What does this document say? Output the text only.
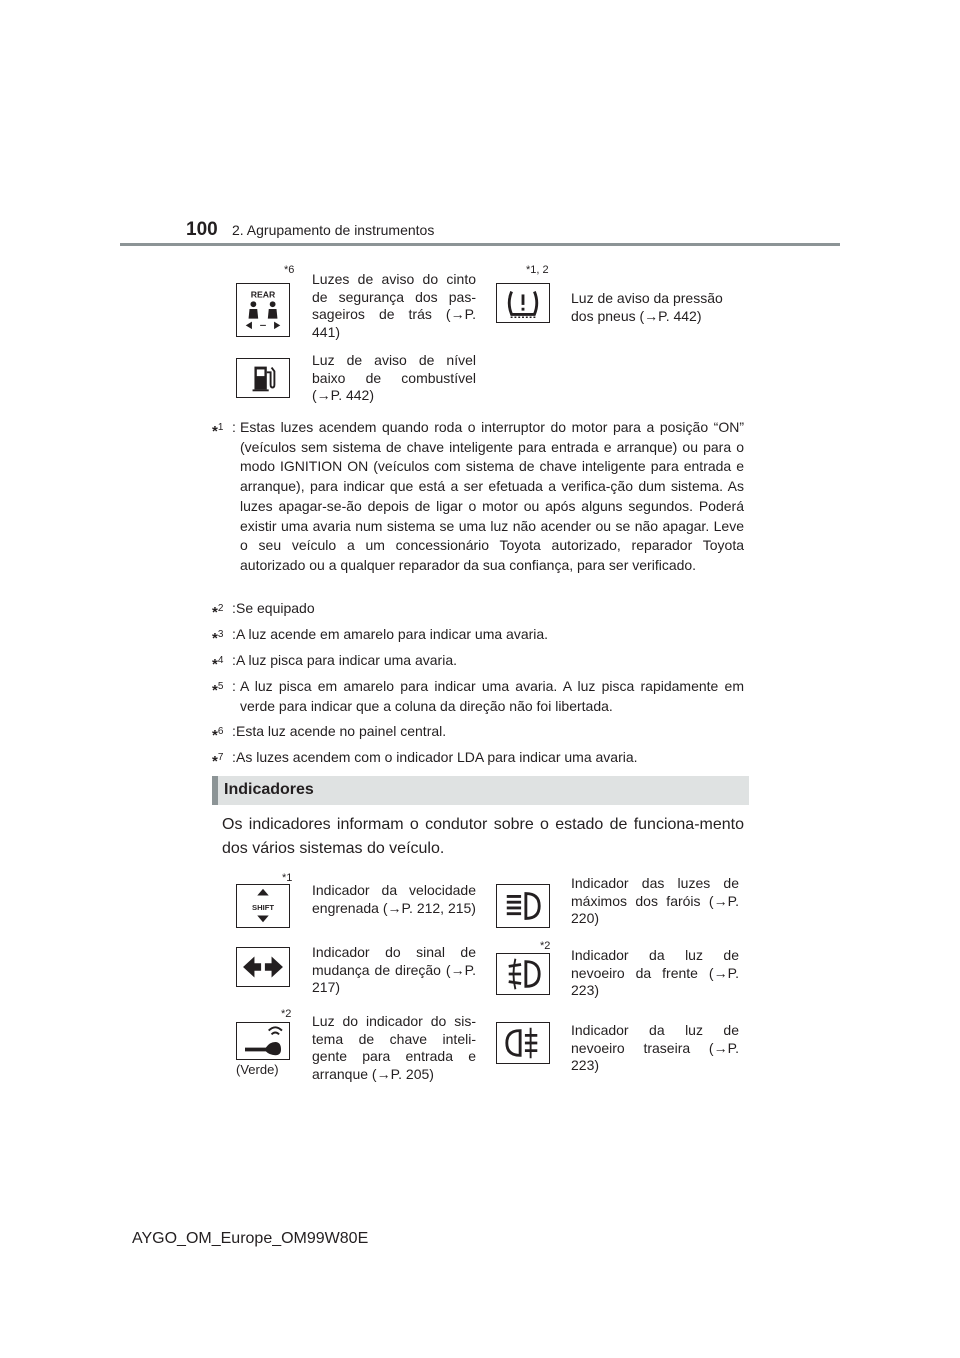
100 2. Agrupamento de instrumentos
REAR
*6
Luzes de aviso do cinto de segurança dos pas-sageiros de trás (→P. 441)
*1, 2
Luz de aviso da pressão dos pneus (→P. 442)
Luz de aviso de nível baixo de combustível (→P. 442)
*$^1$ : Estas luzes acendem quando roda o interruptor do motor para a posição “ON” (veículos sem sistema de chave inteligente para entrada e arranque) ou para o modo IGNITION ON (veículos com sistema de chave inteligente para entrada e arranque), para indicar que está a ser efetuada a verifica-ção dum sistema. As luzes apagar-se-ão depois de ligar o motor ou após alguns segundos. Poderá existir uma avaria num sistema se uma luz não acender ou se não apagar. Leve o seu veículo a um concessionário Toyota autorizado, reparador Toyota autorizado ou a qualquer reparador da sua confiança, para ser verificado.
*$^2$ : Se equipado
*$^3$ : A luz acende em amarelo para indicar uma avaria.
*$^4$ : A luz pisca para indicar uma avaria.
*$^5$ : A luz pisca em amarelo para indicar uma avaria. A luz pisca rapidamente em verde para indicar que a coluna da direção não foi libertada.
*$^6$ : Esta luz acende no painel central.
*$^7$ : As luzes acendem com o indicador LDA para indicar uma avaria.
Indicadores
Os indicadores informam o condutor sobre o estado de funciona-mento dos vários sistemas do veículo.
SHIFT
*1
Indicador da velocidade engrenada (→P. 212, 215)
Indicador das luzes de máximos dos faróis (→P. 220)
Indicador do sinal de mudança de direção (→P. 217)
*2
Indicador da luz de nevoeiro da frente (→P. 223)
(Verde)
*2 Luz do indicador do sis-tema de chave inteli-gente para entrada e arranque (→P. 205)
Indicador da luz de nevoeiro traseira (→P. 223)
AYGO_OM_Europe_OM99W80E
